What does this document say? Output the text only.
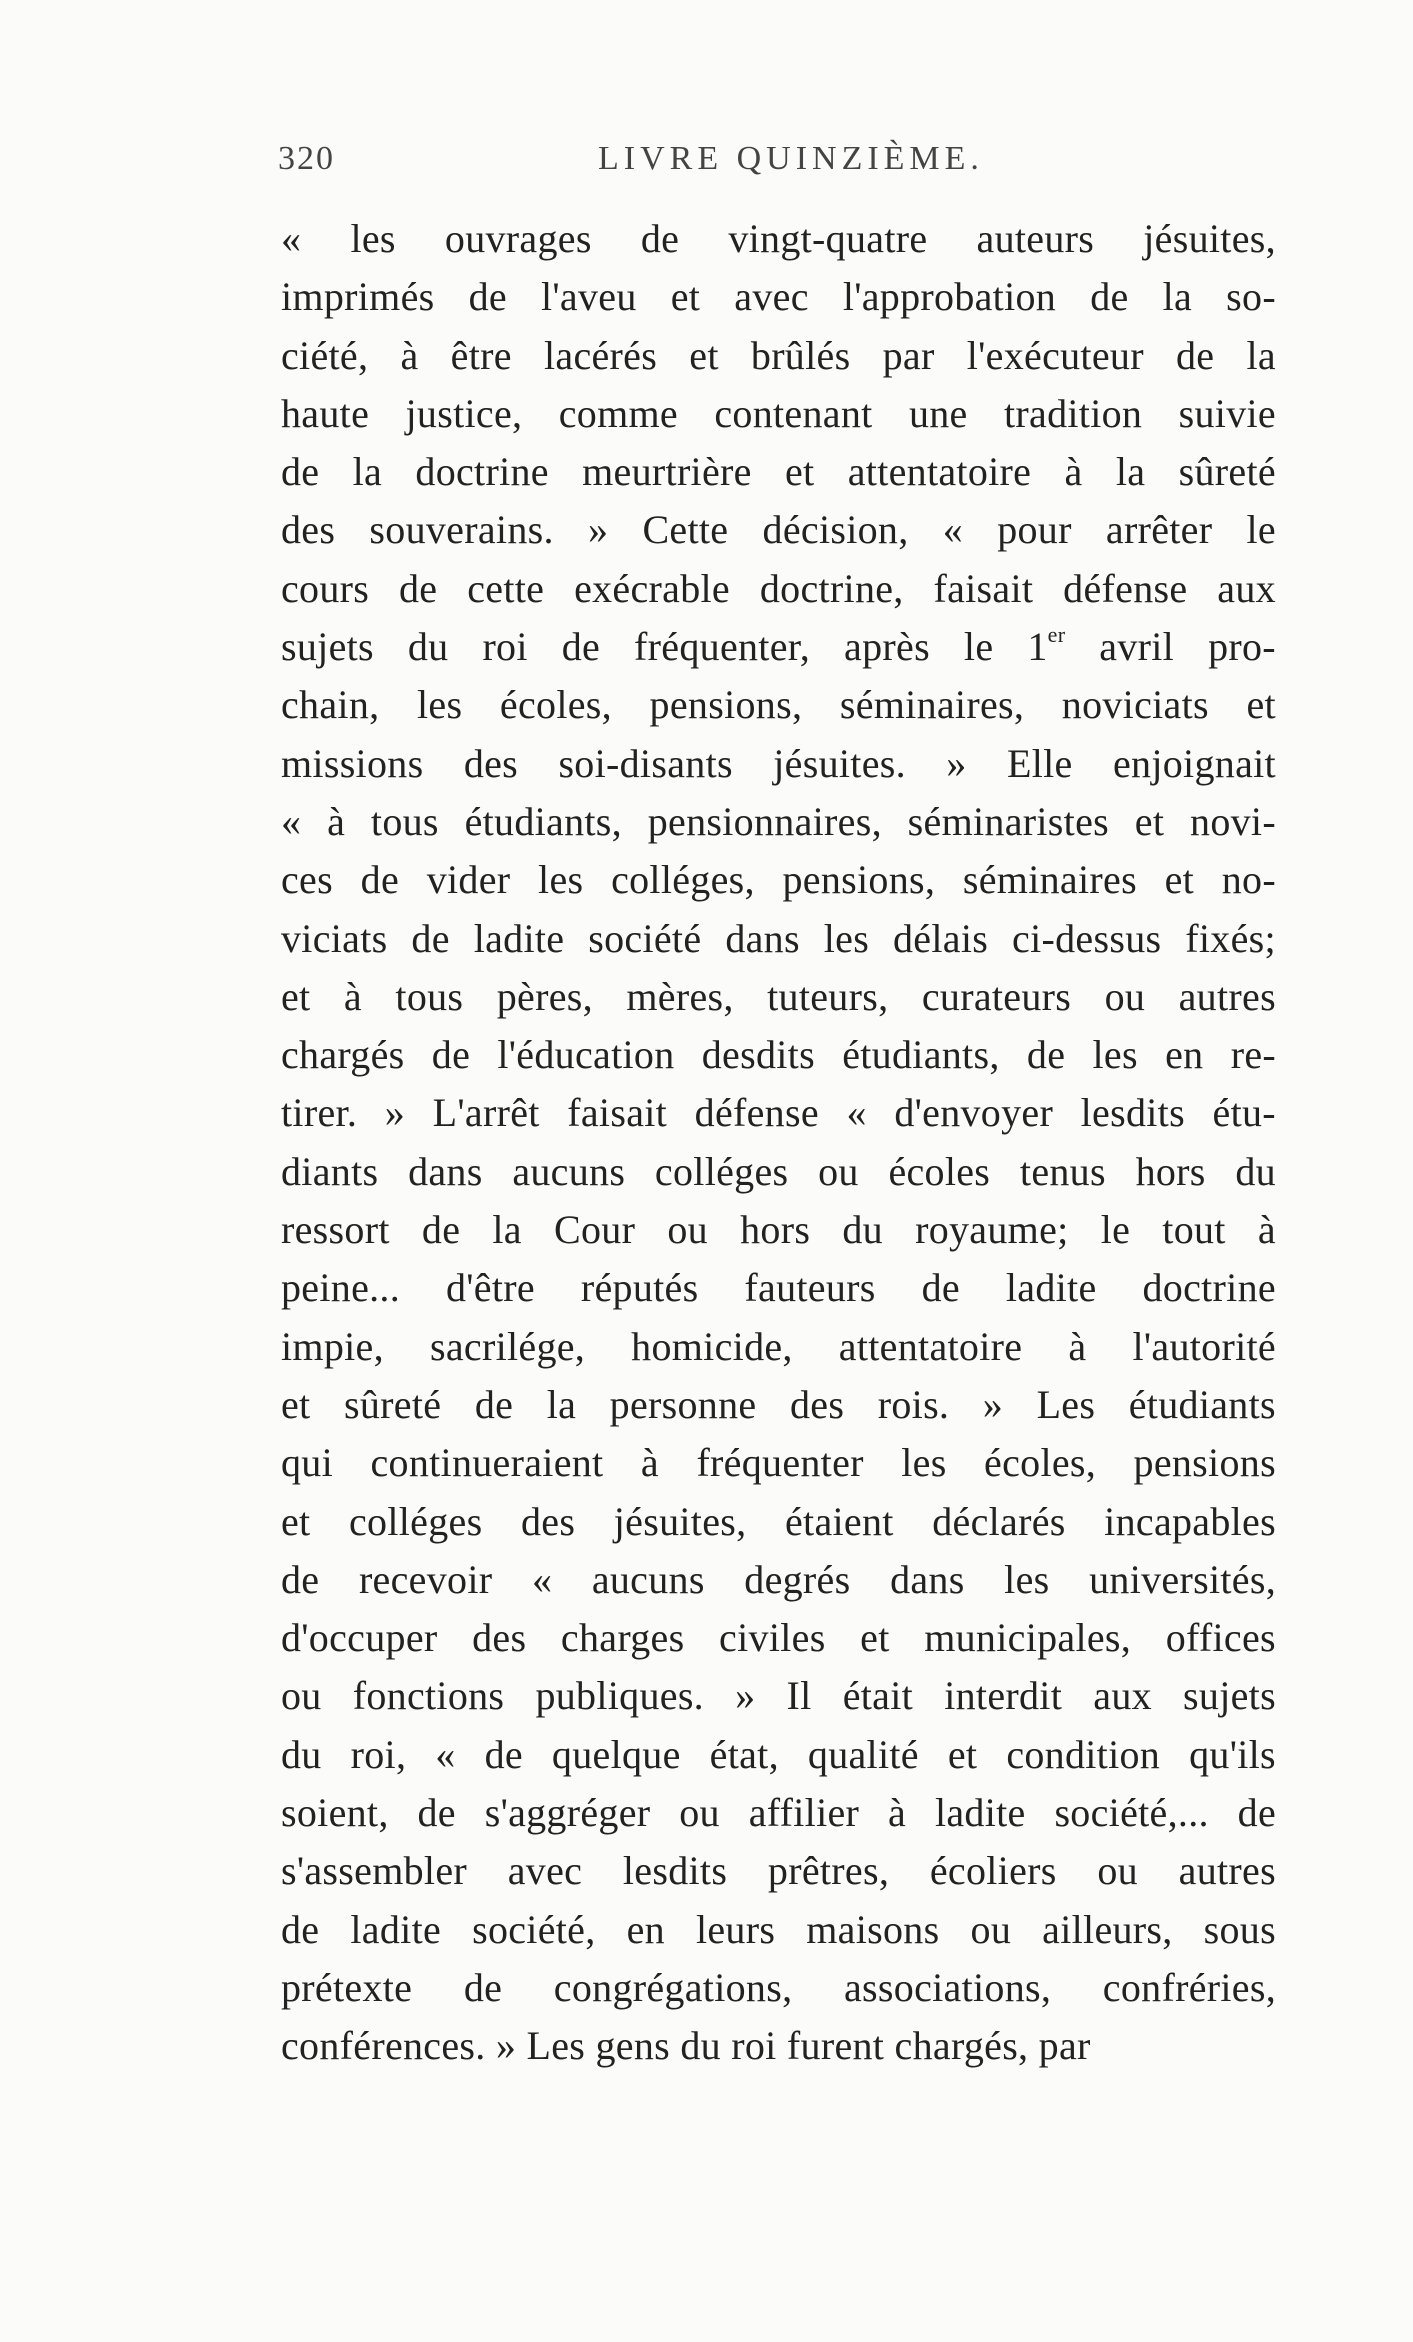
320	LIVRE QUINZIÈME.
« les ouvrages de vingt-quatre auteurs jésuites,
imprimés de l'aveu et avec l'approbation de la so-
ciété, à être lacérés et brûlés par l'exécuteur de la
haute justice, comme contenant une tradition suivie
de la doctrine meurtrière et attentatoire à la sûreté
des souverains. » Cette décision, « pour arrêter le
cours de cette exécrable doctrine, faisait défense aux
sujets du roi de fréquenter, après le 1er avril pro-
chain, les écoles, pensions, séminaires, noviciats et
missions des soi-disants jésuites. » Elle enjoignait
« à tous étudiants, pensionnaires, séminaristes et novi-
ces de vider les colléges, pensions, séminaires et no-
viciats de ladite société dans les délais ci-dessus fixés;
et à tous pères, mères, tuteurs, curateurs ou autres
chargés de l'éducation desdits étudiants, de les en re-
tirer. » L'arrêt faisait défense « d'envoyer lesdits étu-
diants dans aucuns colléges ou écoles tenus hors du
ressort de la Cour ou hors du royaume; le tout à
peine... d'être réputés fauteurs de ladite doctrine
impie, sacrilége, homicide, attentatoire à l'autorité
et sûreté de la personne des rois. » Les étudiants
qui continueraient à fréquenter les écoles, pensions
et colléges des jésuites, étaient déclarés incapables
de recevoir « aucuns degrés dans les universités,
d'occuper des charges civiles et municipales, offices
ou fonctions publiques. » Il était interdit aux sujets
du roi, « de quelque état, qualité et condition qu'ils
soient, de s'aggréger ou affilier à ladite société,... de
s'assembler avec lesdits prêtres, écoliers ou autres
de ladite société, en leurs maisons ou ailleurs, sous
prétexte de congrégations, associations, confréries,
conférences.
»
Les
gens
du
roi
furent
chargés,
par
